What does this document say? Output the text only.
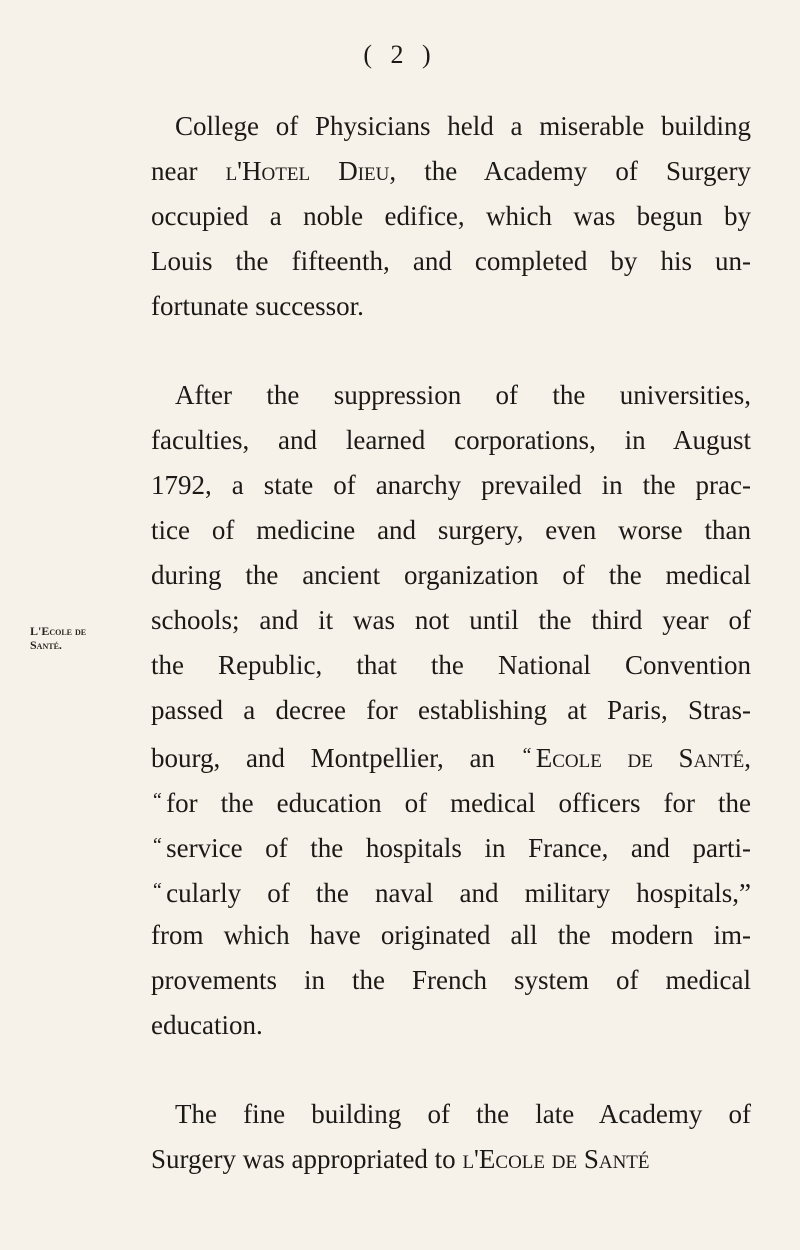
( 2 )
L'Ecole de
Santé.
College of Physicians held a miserable building
near l'Hotel Dieu, the Academy of Surgery
occupied a noble edifice, which was begun by
Louis the fifteenth, and completed by his un-
fortunate successor.
After the suppression of the universities,
faculties, and learned corporations, in August
1792, a state of anarchy prevailed in the prac-
tice of medicine and surgery, even worse than
during the ancient organization of the medical
schools; and it was not until the third year of
the Republic, that the National Convention
passed a decree for establishing at Paris, Stras-
bourg, and Montpellier, an “ Ecole de Santé,
“ for the education of medical officers for the
“ service of the hospitals in France, and parti-
“ cularly of the naval and military hospitals,”
from which have originated all the modern im-
provements in the French system of medical
education.
The fine building of the late Academy of
Surgery was appropriated to l'Ecole de Santé
